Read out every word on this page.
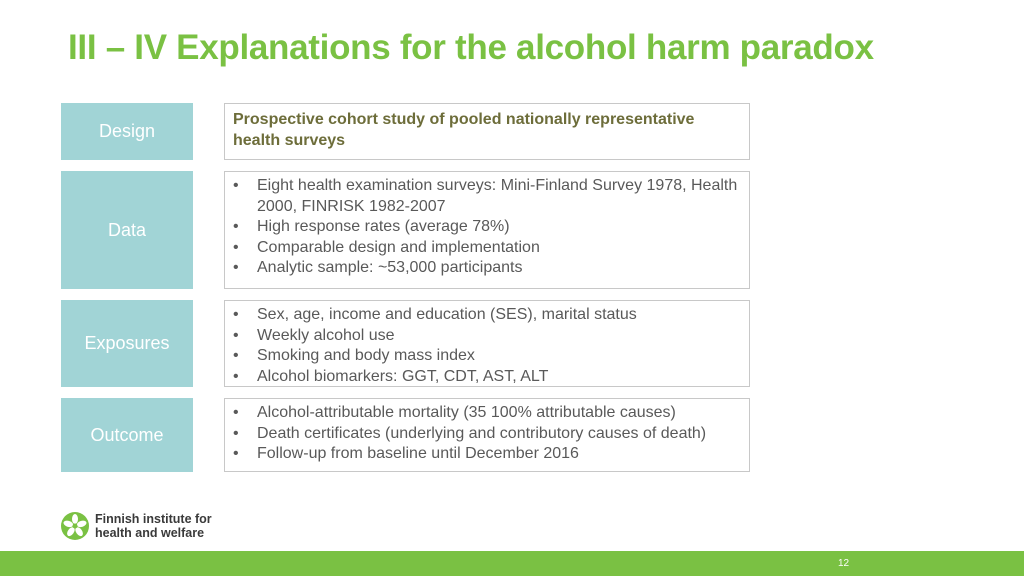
III – IV Explanations for the alcohol harm paradox
Design
Prospective cohort study of pooled nationally representative health surveys
Data
• Eight health examination surveys: Mini-Finland Survey 1978, Health 2000, FINRISK 1982-2007
• High response rates (average 78%)
• Comparable design and implementation
• Analytic sample: ~53,000 participants
Exposures
• Sex, age, income and education (SES), marital status
• Weekly alcohol use
• Smoking and body mass index
• Alcohol biomarkers: GGT, CDT, AST, ALT
Outcome
• Alcohol-attributable mortality (35 100% attributable causes)
• Death certificates (underlying and contributory causes of death)
• Follow-up from baseline until December 2016
Finnish institute for
health and welfare
12
